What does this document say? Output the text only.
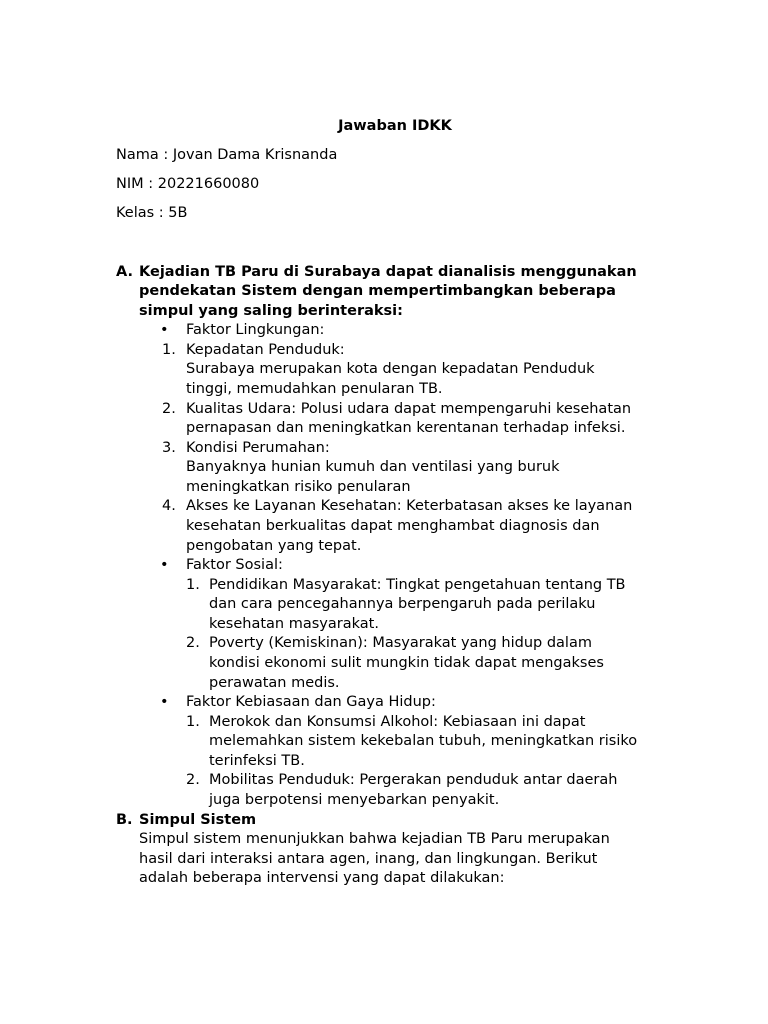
Jawaban IDKK
Nama : Jovan Dama Krisnanda
NIM : 20221660080
Kelas : 5B
A. Kejadian TB Paru di Surabaya dapat dianalisis menggunakan
pendekatan Sistem dengan mempertimbangkan beberapa
simpul yang saling berinteraksi:
• Faktor Lingkungan:
1. Kepadatan Penduduk:
Surabaya merupakan kota dengan kepadatan Penduduk
tinggi, memudahkan penularan TB.
2. Kualitas Udara: Polusi udara dapat mempengaruhi kesehatan
pernapasan dan meningkatkan kerentanan terhadap infeksi.
3. Kondisi Perumahan:
Banyaknya hunian kumuh dan ventilasi yang buruk
meningkatkan risiko penularan
4. Akses ke Layanan Kesehatan: Keterbatasan akses ke layanan
kesehatan berkualitas dapat menghambat diagnosis dan
pengobatan yang tepat.
• Faktor Sosial:
1. Pendidikan Masyarakat: Tingkat pengetahuan tentang TB
dan cara pencegahannya berpengaruh pada perilaku
kesehatan masyarakat.
2. Poverty (Kemiskinan): Masyarakat yang hidup dalam
kondisi ekonomi sulit mungkin tidak dapat mengakses
perawatan medis.
• Faktor Kebiasaan dan Gaya Hidup:
1. Merokok dan Konsumsi Alkohol: Kebiasaan ini dapat
melemahkan sistem kekebalan tubuh, meningkatkan risiko
terinfeksi TB.
2. Mobilitas Penduduk: Pergerakan penduduk antar daerah
juga berpotensi menyebarkan penyakit.
B. Simpul Sistem
Simpul sistem menunjukkan bahwa kejadian TB Paru merupakan
hasil dari interaksi antara agen, inang, dan lingkungan. Berikut
adalah beberapa intervensi yang dapat dilakukan:
